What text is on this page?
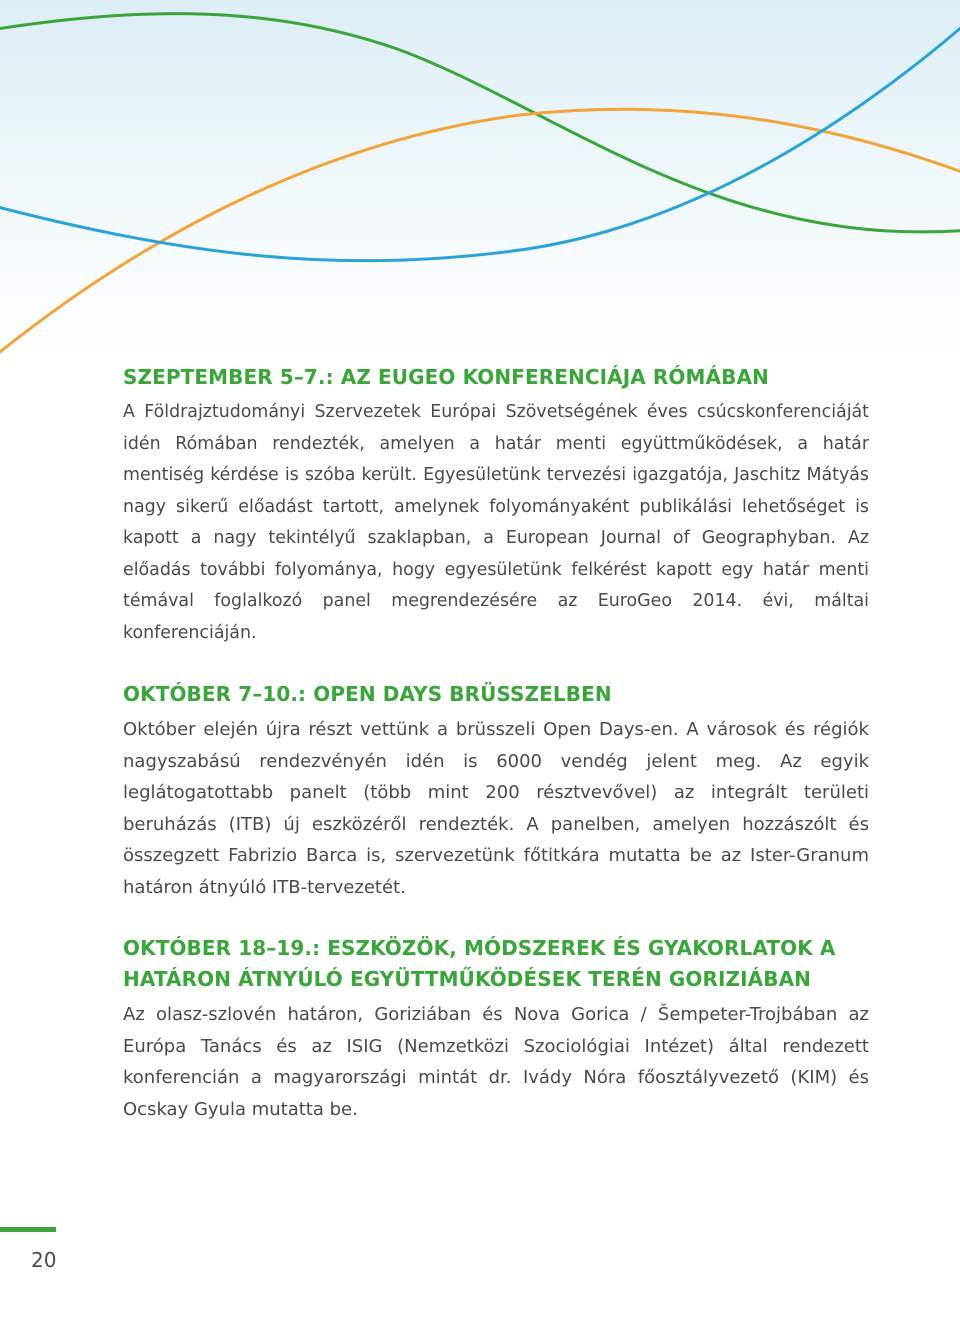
SZEPTEMBER 5–7.: AZ EUGEO KONFERENCIÁJA RÓMÁBAN

A Földrajztudományi Szervezetek Európai Szövetségének éves csúcskonferenciáját idén Rómában rendezték, amelyen a határ menti együttműködések, a határ mentiség kérdése is szóba került. Egyesületünk tervezési igazgatója, Jaschitz Mátyás nagy sikerű előadást tartott, amelynek folyományaként publikálási lehetőséget is kapott a nagy tekintélyű szaklapban, a European Journal of Geographyban. Az előadás további folyománya, hogy egyesületünk felkérést kapott egy határ menti témával foglalkozó panel megrendezésére az EuroGeo 2014. évi, máltai konferenciáján.

OKTÓBER 7–10.: OPEN DAYS BRÜSSZELBEN

Október elején újra részt vettünk a brüsszeli Open Days-en. A városok és régiók nagyszabású rendezvényén idén is 6000 vendég jelent meg. Az egyik leglátogatottabb panelt (több mint 200 résztvevővel) az integrált területi beruházás (ITB) új eszközéről rendezték. A panelben, amelyen hozzászólt és összegzett Fabrizio Barca is, szervezetünk főtitkára mutatta be az Ister-Granum határon átnyúló ITB-tervezetét.

OKTÓBER 18–19.: ESZKÖZÖK, MÓDSZEREK ÉS GYAKORLATOK A HATÁRON ÁTNYÚLÓ EGYÜTTMŰKÖDÉSEK TERÉN GORIZIÁBAN

Az olasz-szlovén határon, Goriziában és Nova Gorica / Šempeter-Trojbában az Európa Tanács és az ISIG (Nemzetközi Szociológiai Intézet) által rendezett konferencián a magyarországi mintát dr. Ivády Nóra főosztályvezető (KIM) és Ocskay Gyula mutatta be.

20
